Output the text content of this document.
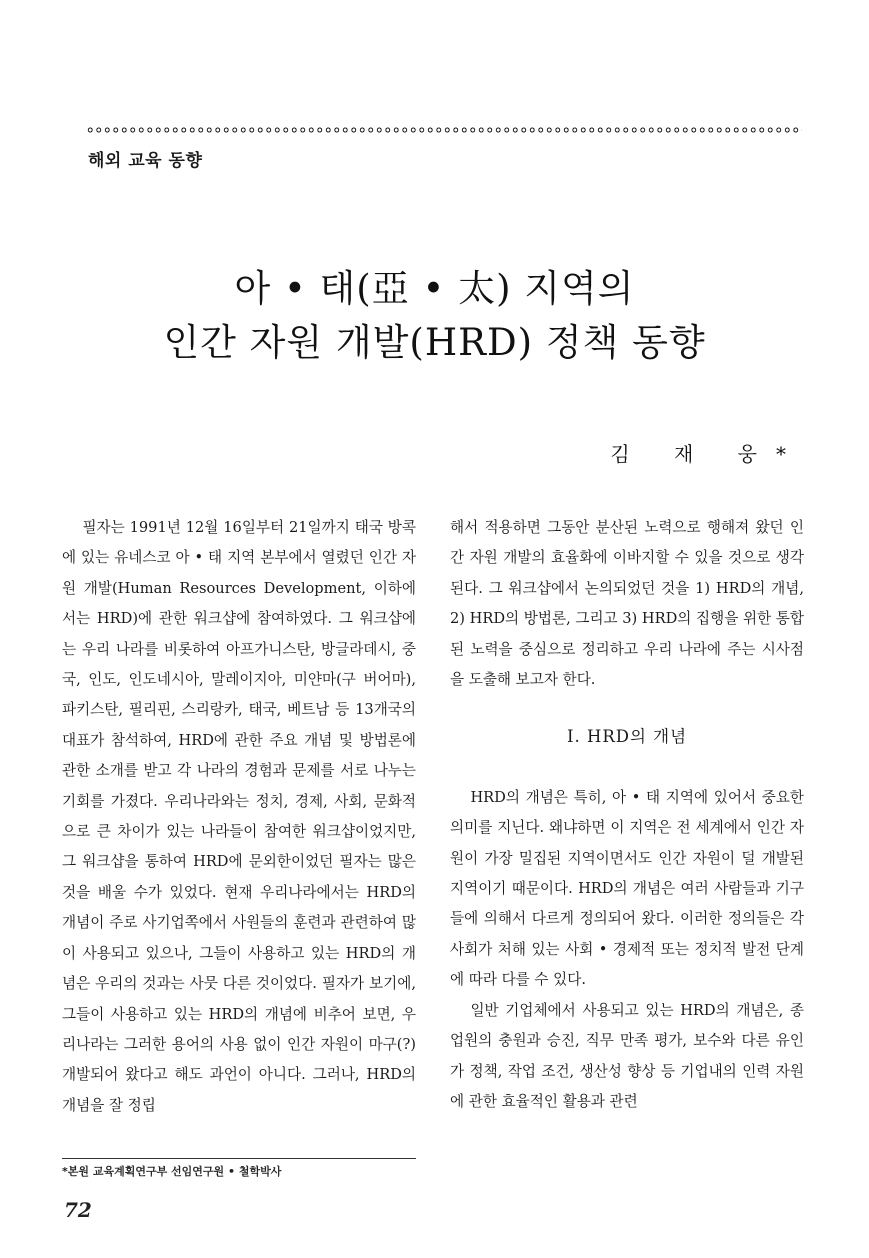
해외 교육 동향
아 • 태(亞 • 太) 지역의
인간 자원 개발(HRD) 정책 동향
김 재 웅*

필자는 1991년 12월 16일부터 21일까지 태국 방콕에 있는 유네스코 아 • 태 지역 본부에서 열렸던 인간 자원 개발(Human Resources Development, 이하에서는 HRD)에 관한 워크샵에 참여하였다. 그 워크샵에는 우리 나라를 비롯하여 아프가니스탄, 방글라데시, 중국, 인도, 인도네시아, 말레이지아, 미얀마(구 버어마), 파키스탄, 필리핀, 스리랑카, 태국, 베트남 등 13개국의 대표가 참석하여, HRD에 관한 주요 개념 및 방법론에 관한 소개를 받고 각 나라의 경험과 문제를 서로 나누는 기회를 가졌다. 우리나라와는 정치, 경제, 사회, 문화적으로 큰 차이가 있는 나라들이 참여한 워크샵이었지만, 그 워크샵을 통하여 HRD에 문외한이었던 필자는 많은 것을 배울 수가 있었다. 현재 우리나라에서는 HRD의 개념이 주로 사기업쪽에서 사원들의 훈련과 관련하여 많이 사용되고 있으나, 그들이 사용하고 있는 HRD의 개념은 우리의 것과는 사뭇 다른 것이었다. 필자가 보기에, 그들이 사용하고 있는 HRD의 개념에 비추어 보면, 우리나라는 그러한 용어의 사용 없이 인간 자원이 마구(?) 개발되어 왔다고 해도 과언이 아니다. 그러나, HRD의 개념을 잘 정립

해서 적용하면 그동안 분산된 노력으로 행해져 왔던 인간 자원 개발의 효율화에 이바지할 수 있을 것으로 생각된다. 그 워크샵에서 논의되었던 것을 1) HRD의 개념, 2) HRD의 방법론, 그리고 3) HRD의 집행을 위한 통합된 노력을 중심으로 정리하고 우리 나라에 주는 시사점을 도출해 보고자 한다.

Ⅰ. HRD의 개념

HRD의 개념은 특히, 아 • 태 지역에 있어서 중요한 의미를 지닌다. 왜냐하면 이 지역은 전 세계에서 인간 자원이 가장 밀집된 지역이면서도 인간 자원이 덜 개발된 지역이기 때문이다. HRD의 개념은 여러 사람들과 기구들에 의해서 다르게 정의되어 왔다. 이러한 정의들은 각 사회가 처해 있는 사회 • 경제적 또는 정치적 발전 단계에 따라 다를 수 있다.

일반 기업체에서 사용되고 있는 HRD의 개념은, 종업원의 충원과 승진, 직무 만족 평가, 보수와 다른 유인가 정책, 작업 조건, 생산성 향상 등 기업내의 인력 자원에 관한 효율적인 활용과 관련

*본원 교육계획연구부 선임연구원 • 철학박사
72
